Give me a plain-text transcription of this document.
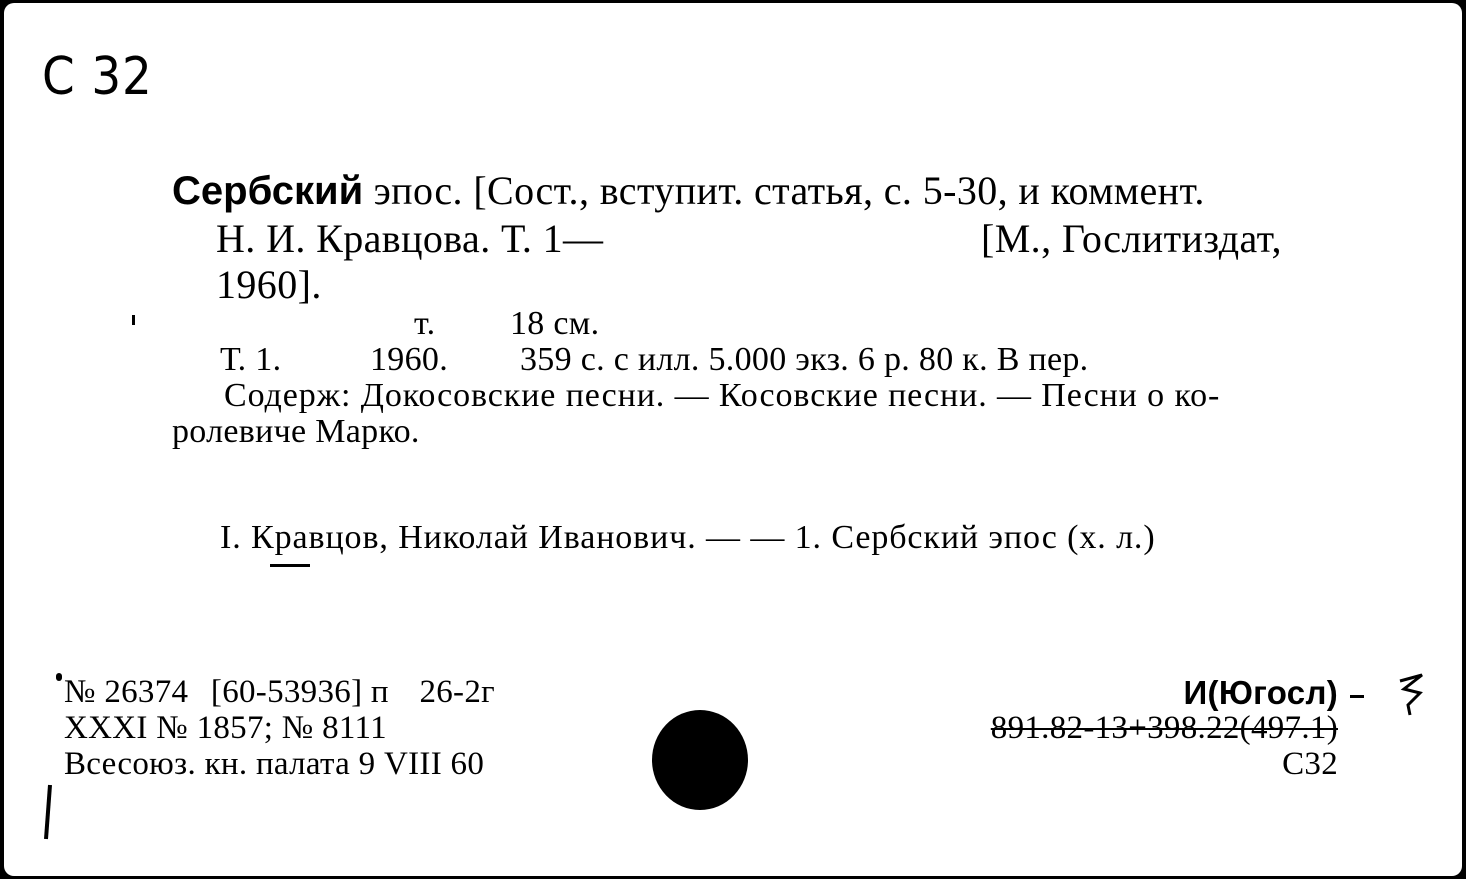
C 32
Сербский эпос. [Сост., вступит. статья, с. 5-30, и коммент.
Н. И. Кравцова. Т. 1—	[М., Гослитиздат,
1960].
т. 18 см.
Т. 1.	1960. 359 с. с илл. 5.000 экз. 6 р. 80 к. В пер.
Содерж: Докосовские песни. — Косовские песни. — Песни о ко-
ролевиче Марко.
I. Кравцов, Николай Иванович. — — 1. Сербский эпос (х. л.)
№ 26374 [60-53936] п 26-2г
XXXI № 1857; № 8111
Всесоюз. кн. палата 9 VIII 60
И(Югосл)
891.82-13+398.22(497.1)
С32
